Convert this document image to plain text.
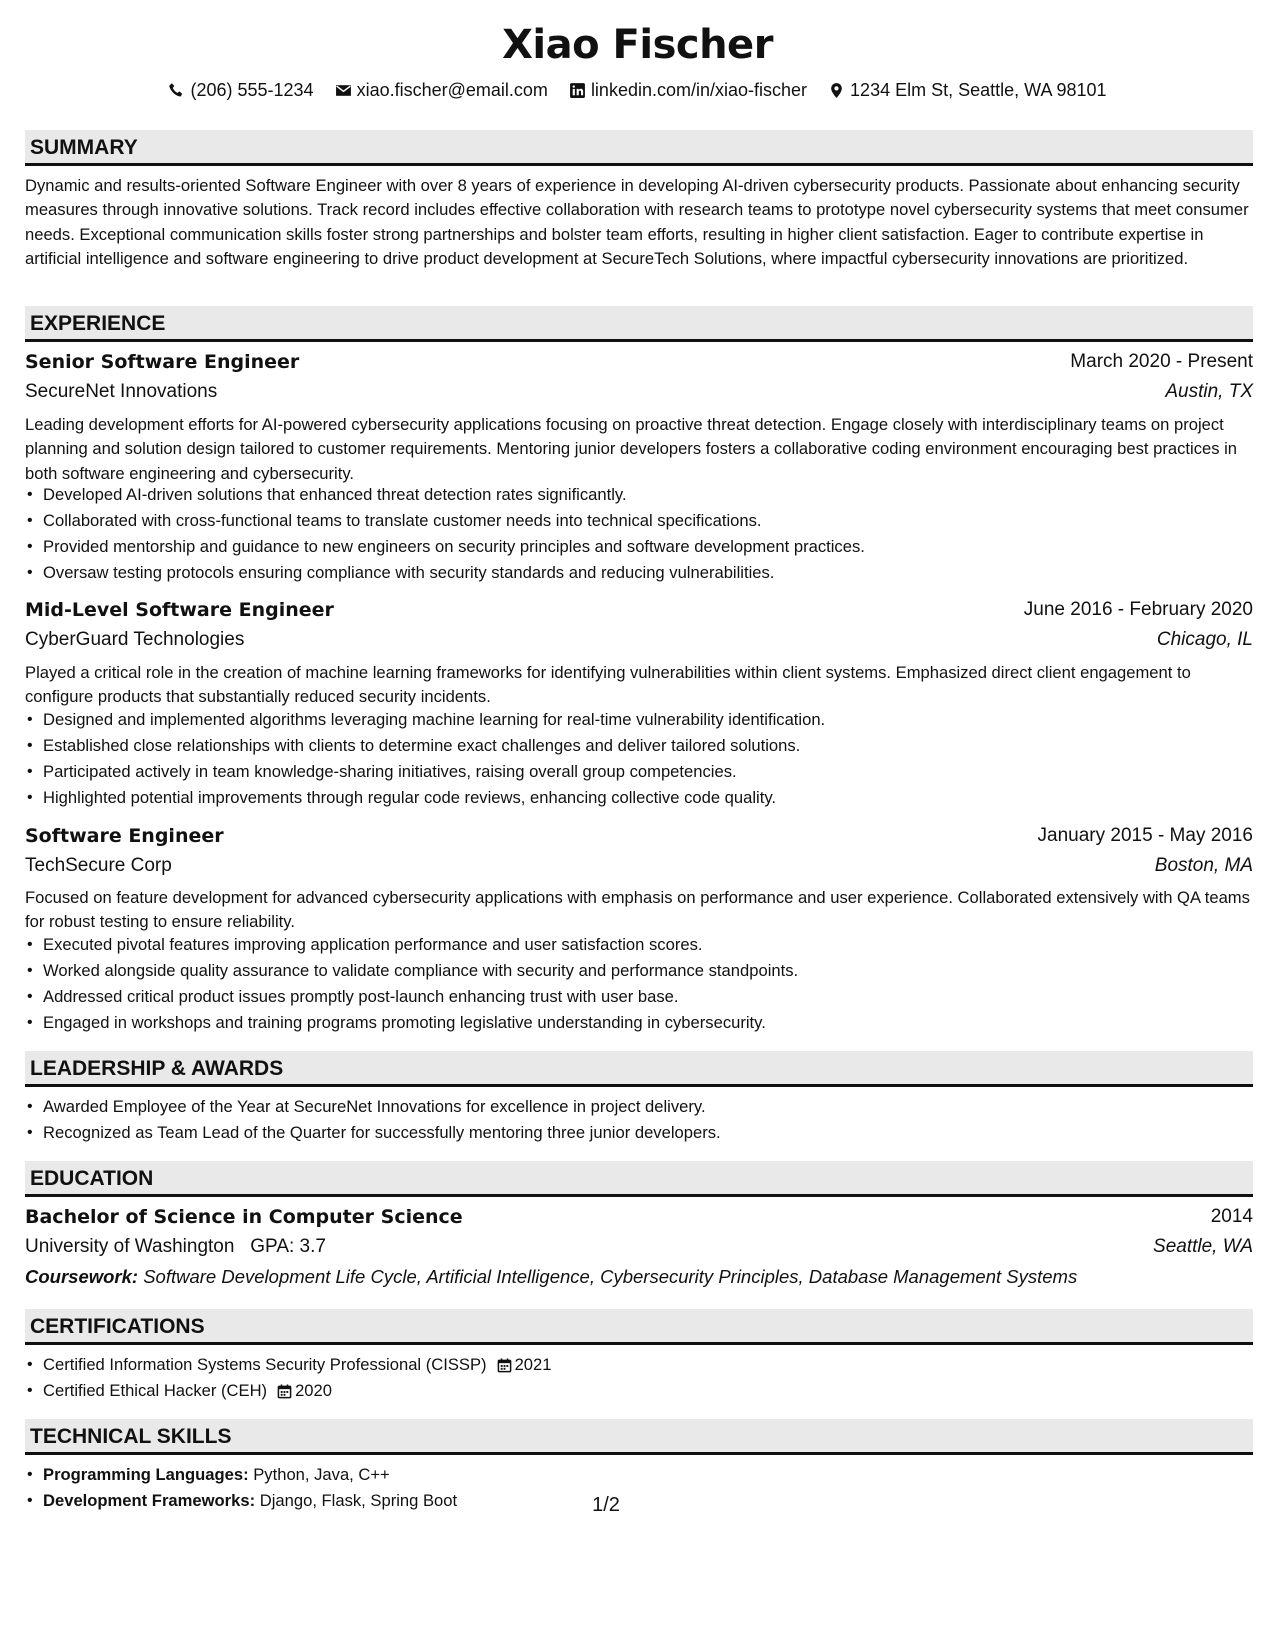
Xiao Fischer
(206) 555-1234
xiao.fischer@email.com
linkedin.com/in/xiao-fischer
1234 Elm St, Seattle, WA 98101
SUMMARY
Dynamic and results-oriented Software Engineer with over 8 years of experience in developing AI-driven cybersecurity products. Passionate about enhancing security measures through innovative solutions. Track record includes effective collaboration with research teams to prototype novel cybersecurity systems that meet consumer needs. Exceptional communication skills foster strong partnerships and bolster team efforts, resulting in higher client satisfaction. Eager to contribute expertise in artificial intelligence and software engineering to drive product development at SecureTech Solutions, where impactful cybersecurity innovations are prioritized.
EXPERIENCE
Senior Software Engineer	March 2020 - Present
SecureNet Innovations	Austin, TX
Leading development efforts for AI-powered cybersecurity applications focusing on proactive threat detection. Engage closely with interdisciplinary teams on project planning and solution design tailored to customer requirements. Mentoring junior developers fosters a collaborative coding environment encouraging best practices in both software engineering and cybersecurity.
• Developed AI-driven solutions that enhanced threat detection rates significantly.
• Collaborated with cross-functional teams to translate customer needs into technical specifications.
• Provided mentorship and guidance to new engineers on security principles and software development practices.
• Oversaw testing protocols ensuring compliance with security standards and reducing vulnerabilities.
Mid-Level Software Engineer	June 2016 - February 2020
CyberGuard Technologies	Chicago, IL
Played a critical role in the creation of machine learning frameworks for identifying vulnerabilities within client systems. Emphasized direct client engagement to configure products that substantially reduced security incidents.
• Designed and implemented algorithms leveraging machine learning for real-time vulnerability identification.
• Established close relationships with clients to determine exact challenges and deliver tailored solutions.
• Participated actively in team knowledge-sharing initiatives, raising overall group competencies.
• Highlighted potential improvements through regular code reviews, enhancing collective code quality.
Software Engineer	January 2015 - May 2016
TechSecure Corp	Boston, MA
Focused on feature development for advanced cybersecurity applications with emphasis on performance and user experience. Collaborated extensively with QA teams for robust testing to ensure reliability.
• Executed pivotal features improving application performance and user satisfaction scores.
• Worked alongside quality assurance to validate compliance with security and performance standpoints.
• Addressed critical product issues promptly post-launch enhancing trust with user base.
• Engaged in workshops and training programs promoting legislative understanding in cybersecurity.
LEADERSHIP & AWARDS
• Awarded Employee of the Year at SecureNet Innovations for excellence in project delivery.
• Recognized as Team Lead of the Quarter for successfully mentoring three junior developers.
EDUCATION
Bachelor of Science in Computer Science	2014
University of Washington GPA: 3.7	Seattle, WA
Coursework: Software Development Life Cycle, Artificial Intelligence, Cybersecurity Principles, Database Management Systems
CERTIFICATIONS
• Certified Information Systems Security Professional (CISSP) 2021
• Certified Ethical Hacker (CEH) 2020
TECHNICAL SKILLS
• Programming Languages: Python, Java, C++
• Development Frameworks: Django, Flask, Spring Boot	1/2
